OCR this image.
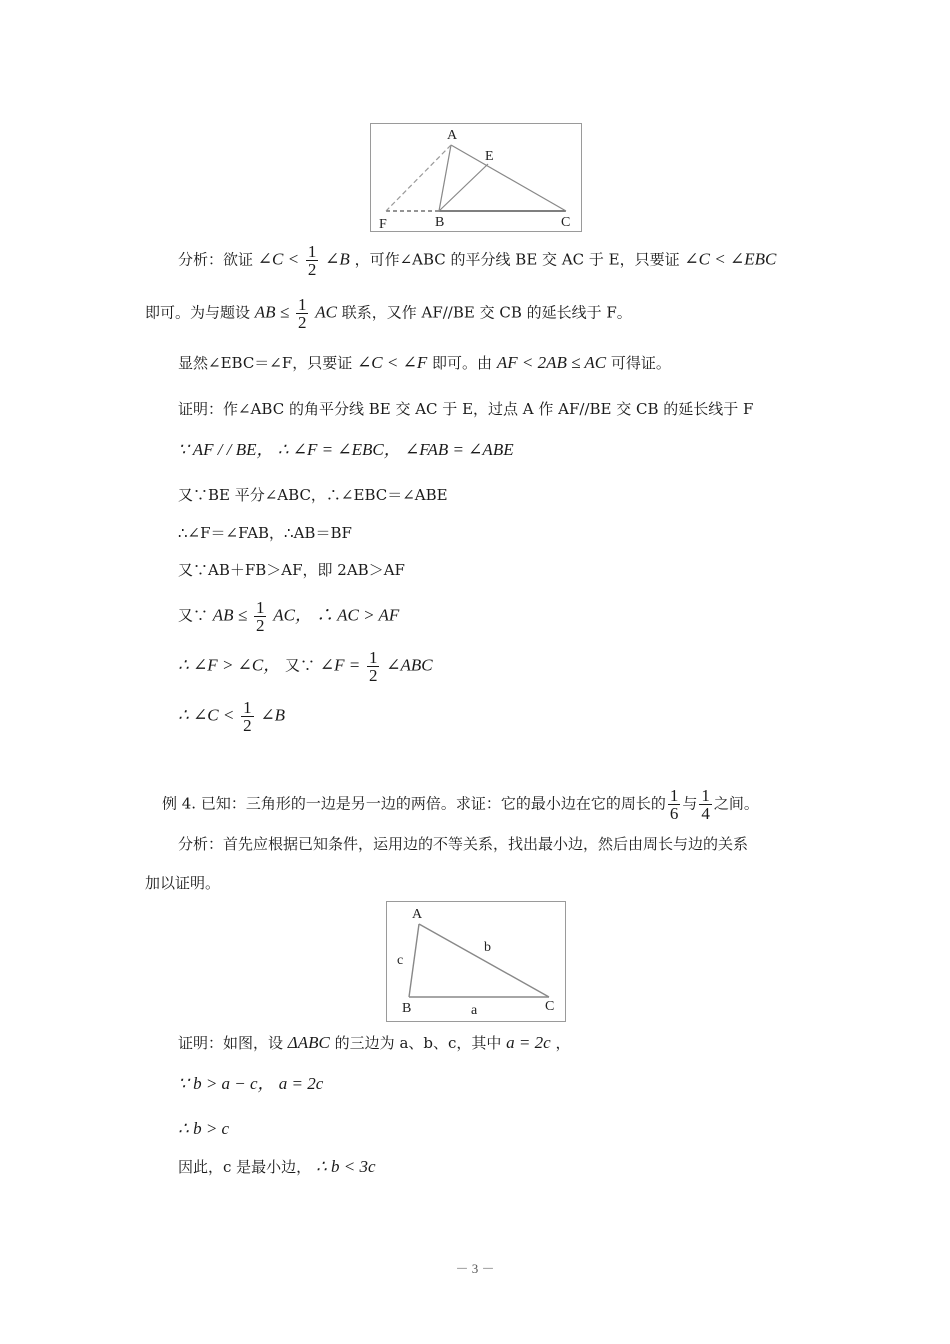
A
E
F	B	C
分析：欲证 ∠C < $\frac{1}{2}$ ∠B ，可作∠ABC 的平分线 BE 交 AC 于 E，只要证 ∠C < ∠EBC
即可。为与题设 AB ≤ $\frac{1}{2}$ AC 联系，又作 AF//BE 交 CB 的延长线于 F。
显然∠EBC＝∠F，只要证 ∠C < ∠F 即可。由 AF < 2AB ≤ AC 可得证。
证明：作∠ABC 的角平分线 BE 交 AC 于 E，过点 A 作 AF//BE 交 CB 的延长线于 F
∵ AF / / BE， ∴ ∠F = ∠EBC， ∠FAB = ∠ABE
又∵BE 平分∠ABC，∴∠EBC＝∠ABE
∴∠F＝∠FAB，∴AB＝BF
又∵AB＋FB＞AF，即 2AB＞AF
又∵ AB ≤ $\frac{1}{2}$ AC， ∴ AC > AF
∴ ∠F > ∠C， 又∵ ∠F = $\frac{1}{2}$ ∠ABC
∴ ∠C < $\frac{1}{2}$ ∠B
例 4. 已知：三角形的一边是另一边的两倍。求证：它的最小边在它的周长的 $\frac{1}{6}$ 与 $\frac{1}{4}$ 之间。
分析：首先应根据已知条件，运用边的不等关系，找出最小边，然后由周长与边的关系
加以证明。
A
B	C
c
b
a
证明：如图，设 ΔABC 的三边为 a、b、c，其中 a = 2c ，
∵ b > a − c， a = 2c
∴ b > c
因此，c 是最小边， ∴ b < 3c
－ 3 －
